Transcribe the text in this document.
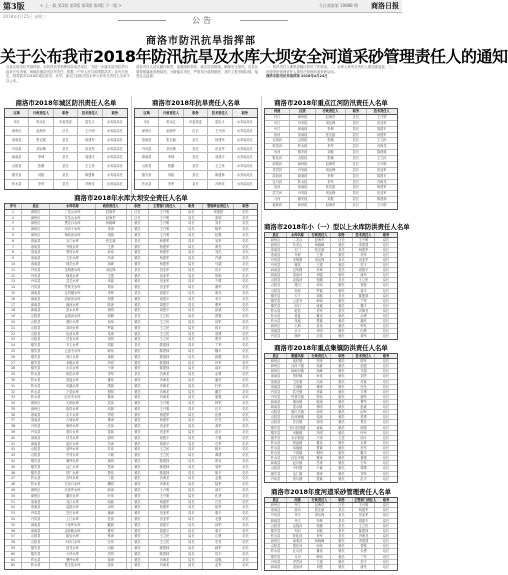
第3版	< 上一版 第1版 第2版 第3版 第4版 下一版 >	今日商洛第 19888 期 商洛日报
2018年4月25日 星期三	公告
商洛市防汛抗旱指挥部
关于公布我市2018年防汛抗旱及水库大坝安全河道采砂管理责任人的通知
各县区防汛抗旱指挥部、市防汛抗旱指挥部各成员单位：为进一步落实防汛抗旱行政首长负责制，明确各级防汛抗旱责任，根据《中华人民共和国防洪法》及有关规定，现将我市2018年城区防汛、抗旱、重点江河防汛及水库大坝安全责任人名单予以公布。
请各责任人切实履行职责，加强组织领导，落实防汛措施，确保安全度汛。各县区要按照属地管理原则，分级落实责任，严格执行值班制度，及时上报汛情险情，接受社会监督。
一、防汛责任人要熟悉辖区防汛工作情况。二、水库大坝安全责任人要加强巡查。三、河道采砂管理责任人要依法管理河道采砂活动。
商洛市防汛抗旱指挥部 2018年4月24日
商洛市2018年城区防汛责任人名单
区域	行政责任人	职务	技术责任人	职务
市区	郭永红	市委常委	雷忠义	水务局局长
商州区	赵海亭	区长	王兴明	水务局局长
洛南县	张宏斌	县长	杨建军	水务局局长
丹凤县	刘运锋	县长	田亚军	水务局局长
商南县	李坤	县长	周建平	水务局局长
山阳县	张鹏	县长	王立民	水务局局长
镇安县	刘振	县长	陈建林	水务局局长
柞水县	李军	县长	冯海龙	水务局局长
商洛市2018年抗旱责任人名单
区域	行政责任人	职务	技术责任人	职务
市区	郭永红	市委常委	雷忠义	水务局局长
商州区	赵海亭	区长	王兴明	水务局局长
洛南县	张宏斌	县长	杨建军	水务局局长
丹凤县	刘运锋	县长	田亚军	水务局局长
商南县	李坤	县长	周建平	水务局局长
山阳县	张鹏	县长	王立民	水务局局长
镇安县	刘振	县长	陈建林	水务局局长
柞水县	李军	县长	冯海龙	水务局局长
商洛市2018年重点江河防汛责任人名单
河流	区段	行政责任人	职务	技术责任人
丹江	商州段	赵海亭	区长	王兴明
丹江	丹凤段	刘运锋	县长	田亚军
丹江	商南段	李坤	县长	周建平
洛河	洛南段	张宏斌	县长	杨建军
金钱河	山阳段	张鹏	县长	王立民
乾佑河	柞水段	李军	县长	冯海龙
旬河	镇安段	刘振	县长	陈建林
银花河	山阳段	张鹏	县长	王立民
南秦河	商州段	赵海亭	区长	王兴明
老君河	丹凤段	刘运锋	县长	田亚军
清油河	商南段	李坤	县长	周建平
社川河	柞水段	李军	县长	冯海龙
县河	洛南段	张宏斌	县长	杨建军
武关河	丹凤段	刘运锋	县长	田亚军
月河	镇安段	刘振	县长	陈建林
板桥河	商州段	赵海亭	区长	王兴明
商洛市2018年水库大坝安全责任人名单
序号	县区	水库名称	政府责任人	职务	主管部门责任人	职务	管理单位责任人	职务
1	商州区	二龙山水库	赵海亭	区长	王兴明	局长	李建国	站长
2	商州区	东龙山水库	赵海亭	区长	王兴明	局长	张明	站长
3	商州区	黑龙口水库	杨晓峰	镇长	王兴明	局长	刘平	站长
4	商州区	沙河子水库	李涛	镇长	王兴明	局长	陈军	站长
5	商州区	杨峪河水库	周斌	镇长	王兴明	局长	赵强	站长
6	洛南县	石门水库	张宏斌	县长	杨建军	局长	吴军	站长
7	洛南县	寺坡水库	王勇	镇长	杨建军	局长	黄亮	站长
8	洛南县	景村水库	孙伟	镇长	杨建军	局长	刘杰	站长
9	洛南县	卫东水库	冯涛	镇长	杨建军	局长	许斌	站长
10	洛南县	城关水库	高峰	镇长	杨建军	局长	马超	站长
11	丹凤县	龙驹寨水库	刘运锋	县长	田亚军	局长	贺平	站长
12	丹凤县	棣花水库	王建	镇长	田亚军	局长	常明	站长
13	丹凤县	武关水库	李斌	镇长	田亚军	局长	方勇	站长
14	丹凤县	竹林关水库	郑伟	镇长	田亚军	局长	谢军	站长
15	商南县	过风楼水库	李坤	县长	周建平	局长	唐亮	站长
16	商南县	清油河水库	刘强	镇长	周建平	局长	邓平	站长
17	商南县	湘河水库	陈涛	镇长	周建平	局长	曹军	站长
18	商南县	富水水库	杨明	镇长	周建平	局长	彭斌	站长
19	山阳县	金钱河水库	张鹏	县长	王立民	局长	曾强	站长
20	山阳县	漫川水库	何伟	镇长	王立民	局长	邱军	站长
21	山阳县	高坝水库	罗斌	镇长	王立民	局长	蒋平	站长
22	山阳县	色河水库	梁涛	镇长	王立民	局长	蔡勇	站长
23	山阳县	法官水库	宋明	镇长	王立民	局长	贾亮	站长
24	镇安县	木王水库	刘振	县长	陈建林	局长	丁军	站长
25	镇安县	云盖寺水库	韩伟	镇长	陈建林	局长	魏平	站长
26	镇安县	西口水库	唐斌	镇长	陈建林	局长	薛强	站长
27	镇安县	米粮水库	冯明	镇长	陈建林	局长	叶军	站长
28	镇安县	永乐水库	于涛	镇长	陈建林	局长	阎平	站长
29	柞水县	乾佑水库	李军	县长	冯海龙	局长	余勇	站长
30	柞水县	营盘水库	董伟	镇长	冯海龙	局长	潘亮	站长
31	柞水县	凤凰水库	萧斌	镇长	冯海龙	局长	杜军	站长
32	柞水县	下梁水库	程明	镇长	冯海龙	局长	戴平	站长
33	柞水县	红岩寺水库	曹涛	镇长	冯海龙	局长	夏强	站长
34	商州区	大荆水库	袁伟	镇长	王兴明	局长	钟军	站长
35	商州区	夜村水库	邓斌	镇长	王兴明	局长	汪平	站长
36	洛南县	永丰水库	许明	镇长	杨建军	局长	田勇	站长
37	洛南县	古城水库	傅涛	镇长	杨建军	局长	任亮	站长
38	丹凤县	庾岭水库	沈伟	镇长	田亚军	局长	姜军	站长
39	丹凤县	蔡川水库	曾斌	镇长	田亚军	局长	范平	站长
40	商南县	试马水库	彭明	镇长	周建平	局长	方强	站长
41	商南县	赵川水库	吕涛	镇长	周建平	局长	石军	站长
42	山阳县	延坪水库	苏伟	镇长	王立民	局长	姚平	站长
43	山阳县	中村水库	卢斌	镇长	王立民	局长	谭勇	站长
44	镇安县	柴坪水库	蒋明	镇长	陈建林	局长	廖亮	站长
45	镇安县	达仁水库	蔡涛	镇长	陈建林	局长	邹军	站长
46	镇安县	铁厂水库	贾伟	镇长	陈建林	局长	熊平	站长
47	柞水县	杏坪水库	丁斌	镇长	冯海龙	局长	金强	站长
48	柞水县	瓦房口水库	魏明	镇长	冯海龙	局长	陆军	站长
49	商州区	北宽坪水库	薛涛	镇长	王兴明	局长	郝平	站长
50	商州区	腰市水库	叶伟	镇长	王兴明	局长	孔勇	站长
51	洛南县	灵口水库	阎斌	镇长	杨建军	局长	白亮	站长
52	洛南县	巡检水库	余明	镇长	杨建军	局长	崔军	站长
53	丹凤县	峦庄水库	潘涛	镇长	田亚军	局长	康平	站长
54	丹凤县	土门水库	杜伟	镇长	田亚军	局长	毛强	站长
55	商南县	十里坪水库	戴斌	镇长	周建平	局长	邱军	站长
56	商南县	金丝峡水库	夏明	镇长	周建平	局长	秦平	站长
57	山阳县	板岩水库	钟涛	镇长	王立民	局长	江勇	站长
58	山阳县	小河口水库	汪伟	镇长	王立民	局长	史亮	站长
59	镇安县	回龙水库	田斌	镇长	陈建林	局长	顾军	站长
60	镇安县	大坪水库	任明	镇长	陈建林	局长	侯平	站长
61	柞水县	曹坪水库	姜涛	镇长	冯海龙	局长	邵强	站长
62	柞水县	蔡玉窑水库	范伟	镇长	冯海龙	局长	孟军	站长
商洛市2018年小（一）型以上水库防洪责任人名单
县区	水库名称	行政责任人	职务	技术责任人	职务
商州区	二龙山	赵海亭	区长	王兴明	局长
商州区	东龙山	杨晓峰	镇长	李建国	站长
洛南县	石门	张宏斌	县长	杨建军	局长
洛南县	寺坡	王勇	镇长	吴军	站长
丹凤县	龙驹寨	刘运锋	县长	田亚军	局长
丹凤县	棣花	王建	镇长	贺平	站长
商南县	过风楼	李坤	县长	周建平	局长
商南县	清油河	刘强	镇长	唐亮	站长
山阳县	金钱河	张鹏	县长	王立民	局长
山阳县	漫川	何伟	镇长	曾强	站长
山阳县	高坝	罗斌	镇长	蒋平	站长
镇安县	木王	刘振	县长	陈建林	局长
镇安县	云盖寺	韩伟	镇长	丁军	站长
镇安县	西口	唐斌	镇长	魏平	站长
柞水县	乾佑	李军	县长	冯海龙	局长
柞水县	营盘	董伟	镇长	余勇	站长
柞水县	凤凰	萧斌	镇长	潘亮	站长
商州区	大荆	袁伟	镇长	钟军	站长
洛南县	永丰	许明	镇长	田勇	站长
丹凤县	庾岭	沈伟	镇长	姜军	站长
商洛市2018年重点集镇防洪责任人名单
县区	集镇名称	行政责任人	职务	技术责任人	职务
商州区	夜村镇	李涛	镇长	陈军	站长
商州区	沙河子镇	周斌	镇长	赵强	站长
商州区	杨峪河镇	高峰	镇长	马超	站长
洛南县	景村镇	孙伟	镇长	刘杰	站长
洛南县	卫东镇	冯涛	镇长	许斌	站长
洛南县	古城镇	傅涛	镇长	任亮	站长
丹凤县	武关镇	李斌	镇长	方勇	站长
丹凤县	竹林关镇	郑伟	镇长	谢军	站长
商南县	湘河镇	陈涛	镇长	曹军	站长
商南县	富水镇	杨明	镇长	彭斌	站长
山阳县	漫川关镇	何伟	镇长	邱军	站长
山阳县	色河铺镇	梁涛	镇长	蔡勇	站长
山阳县	法官镇	宋明	镇长	贾亮	站长
镇安县	西口回族镇	唐斌	镇长	薛强	站长
镇安县	米粮镇	冯明	镇长	叶军	站长
镇安县	永乐街道	于涛	主任	阎平	站长
柞水县	营盘镇	董伟	镇长	余勇	站长
柞水县	凤凰镇	萧斌	镇长	杜军	站长
柞水县	下梁镇	程明	镇长	戴平	站长
柞水县	红岩寺镇	曹涛	镇长	夏强	站长
商南县	赵川镇	吕涛	镇长	石军	站长
山阳县	中村镇	卢斌	镇长	谭勇	站长
镇安县	达仁镇	蔡涛	镇长	邹军	站长
丹凤县	蔡川镇	曾斌	镇长	范平	站长
商洛市2018年度河道采砂管理责任人名单
县区	河流	行政责任人	职务	主管部门责任人	职务
商州区	丹江	赵海亭	区长	王兴明	局长
洛南县	洛河	张宏斌	县长	杨建军	局长
丹凤县	丹江	刘运锋	县长	田亚军	局长
商南县	丹江	李坤	县长	周建平	局长
山阳县	金钱河	张鹏	县长	王立民	局长
镇安县	旬河	刘振	县长	陈建林	局长
柞水县	乾佑河	李军	县长	冯海龙	局长
商州区	南秦河	杨晓峰	镇长	李建国	站长
山阳县	银花河	何伟	镇长	曾强	站长
柞水县	社川河	董伟	镇长	余勇	站长
镇安县	月河	韩伟	镇长	丁军	站长
丹凤县	老君河	王建	镇长	贺平	站长
商南县	清油河	刘强	镇长	唐亮	站长
